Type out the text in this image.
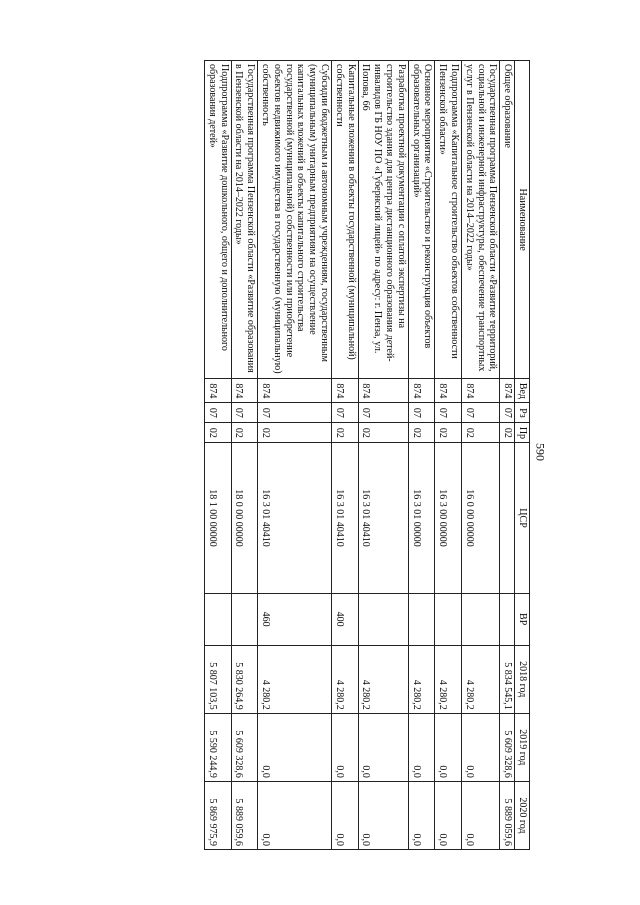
590
Наименование	Вед	Рз	Пр	ЦСР	ВР	2018 год	2019 год	2020 год
Общее образование	874	07	02			5 834 545,1	5 609 328,6	5 889 059,6
Государственная программа Пензенской области «Развитие территорий, социальной и инженерной инфраструктуры, обеспечение транспортных услуг в Пензенской области на 2014–2022 годы»	874	07	02	16 0 00 00000		4 280,2	0,0	0,0
Подпрограмма «Капитальное строительство объектов собственности Пензенской области»	874	07	02	16 3 00 00000		4 280,2	0,0	0,0
Основное мероприятие «Строительство и реконструкция объектов образовательных организаций»	874	07	02	16 3 01 00000		4 280,2	0,0	0,0
Разработка проектной документации с оплатой экспертизы на строительство здания для центра дистанционного образования детей-инвалидов ГБ НОУ ПО «Губернский лицей» по адресу: г. Пенза, ул. Попова, 66	874	07	02	16 3 01 40410		4 280,2	0,0	0,0
Капитальные вложения в объекты государственной (муниципальной) собственности	874	07	02	16 3 01 40410	400	4 280,2	0,0	0,0
Субсидии бюджетным и автономным учреждениям, государственным (муниципальным) унитарным предприятиям на осуществление капитальных вложений в объекты капитального строительства государственной (муниципальной) собственности или приобретение объектов недвижимого имущества в государственную (муниципальную) собственность	874	07	02	16 3 01 40410	460	4 280,2	0,0	0,0
Государственная программа Пензенской области «Развитие образования в Пензенской области на 2014–2022 годы»	874	07	02	18 0 00 00000		5 830 264,9	5 609 328,6	5 889 059,6
Подпрограмма «Развитие дошкольного, общего и дополнительного образования детей»	874	07	02	18 1 00 00000		5 807 103,5	5 590 244,9	5 869 975,9
